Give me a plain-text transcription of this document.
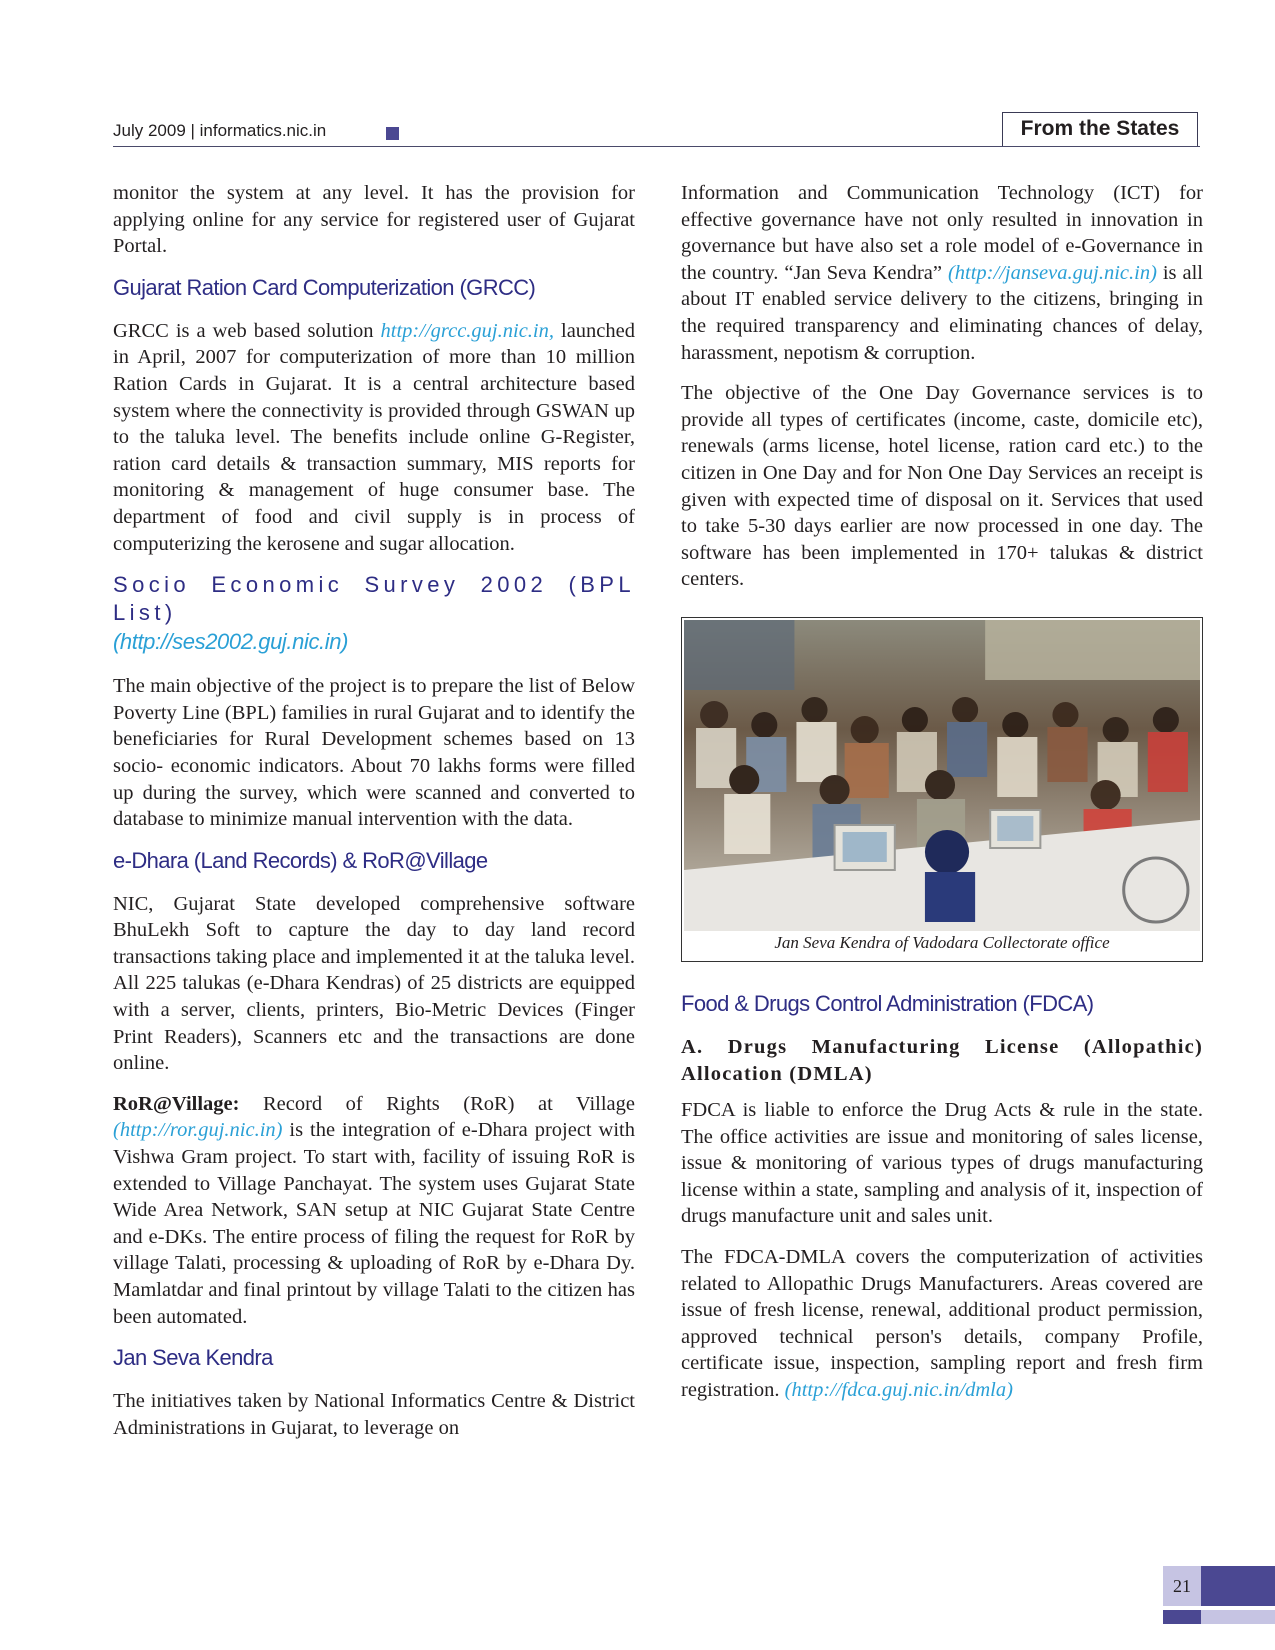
July 2009 | informatics.nic.in	From the States

monitor the system at any level. It has the provision for applying online for any service for registered user of Gujarat Portal.

Gujarat Ration Card Computerization (GRCC)

GRCC is a web based solution http://grcc.guj.nic.in, launched in April, 2007 for computerization of more than 10 million Ration Cards in Gujarat. It is a central architecture based system where the connectivity is provided through GSWAN up to the taluka level. The benefits include online G-Register, ration card details & transaction summary, MIS reports for monitoring & management of huge consumer base. The department of food and civil supply is in process of computerizing the kerosene and sugar allocation.

Socio Economic Survey 2002 (BPL List)
(http://ses2002.guj.nic.in)

The main objective of the project is to prepare the list of Below Poverty Line (BPL) families in rural Gujarat and to identify the beneficiaries for Rural Development schemes based on 13 socio- economic indicators. About 70 lakhs forms were filled up during the survey, which were scanned and converted to database to minimize manual intervention with the data.

e-Dhara (Land Records) & RoR@Village

NIC, Gujarat State developed comprehensive software BhuLekh Soft to capture the day to day land record transactions taking place and implemented it at the taluka level. All 225 talukas (e-Dhara Kendras) of 25 districts are equipped with a server, clients, printers, Bio-Metric Devices (Finger Print Readers), Scanners etc and the transactions are done online.

RoR@Village: Record of Rights (RoR) at Village (http://ror.guj.nic.in) is the integration of e-Dhara project with Vishwa Gram project. To start with, facility of issuing RoR is extended to Village Panchayat. The system uses Gujarat State Wide Area Network, SAN setup at NIC Gujarat State Centre and e-DKs. The entire process of filing the request for RoR by village Talati, processing & uploading of RoR by e-Dhara Dy. Mamlatdar and final printout by village Talati to the citizen has been automated.

Jan Seva Kendra

The initiatives taken by National Informatics Centre & District Administrations in Gujarat, to leverage on

Information and Communication Technology (ICT) for effective governance have not only resulted in innovation in governance but have also set a role model of e-Governance in the country. “Jan Seva Kendra” (http://janseva.guj.nic.in) is all about IT enabled service delivery to the citizens, bringing in the required transparency and eliminating chances of delay, harassment, nepotism & corruption.

The objective of the One Day Governance services is to provide all types of certificates (income, caste, domicile etc), renewals (arms license, hotel license, ration card etc.) to the citizen in One Day and for Non One Day Services an receipt is given with expected time of disposal on it. Services that used to take 5-30 days earlier are now processed in one day. The software has been implemented in 170+ talukas & district centers.

Jan Seva Kendra of Vadodara Collectorate office
Food & Drugs Control Administration (FDCA)

A. Drugs Manufacturing License (Allopathic) Allocation (DMLA)

FDCA is liable to enforce the Drug Acts & rule in the state. The office activities are issue and monitoring of sales license, issue & monitoring of various types of drugs manufacturing license within a state, sampling and analysis of it, inspection of drugs manufacture unit and sales unit.

The FDCA-DMLA covers the computerization of activities related to Allopathic Drugs Manufacturers. Areas covered are issue of fresh license, renewal, additional product permission, approved technical person's details, company Profile, certificate issue, inspection, sampling report and fresh firm registration. (http://fdca.guj.nic.in/dmla)

21
